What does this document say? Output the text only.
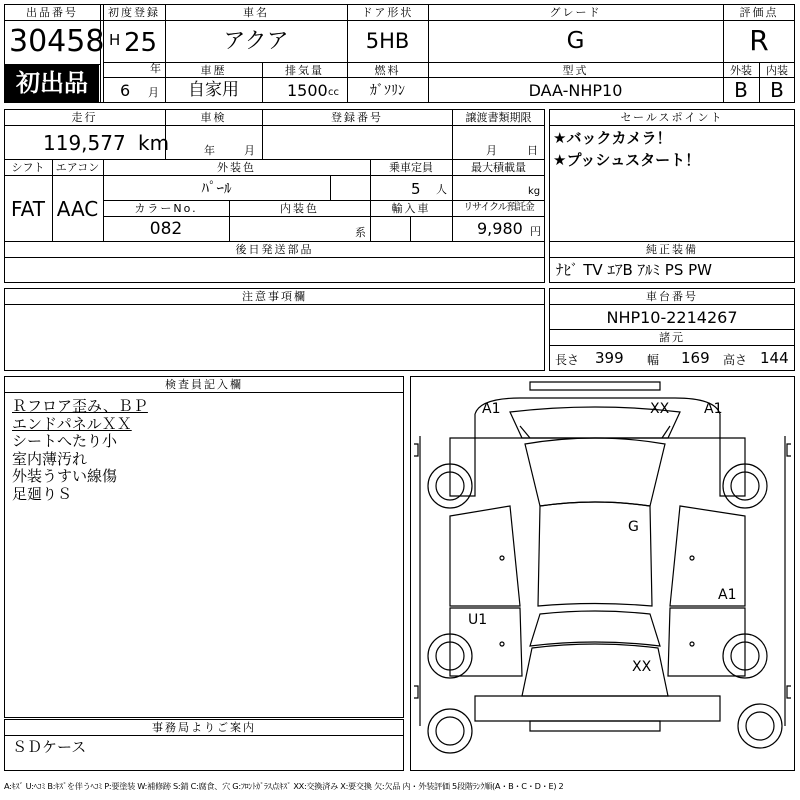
出品番号
30458
初出品
初度登録
H 25
年
6 月
車名
アクア
ドア形状
5HB
グレード
G
評価点
R
外装	内装
B	B
車歴
自家用
排気量
1500 cc
燃料
ｶﾞｿﾘﾝ
型式
DAA-NHP10
走行
119,577 km
車検
年	月
登録番号	譲渡書類期限
月	日
シフト
FAT
エアコン
AAC
外装色
ﾊﾟｰﾙ
乗車定員
5 人
最大積載量
kg
カラーNo.
082
内装色
系
輸入車	リサイクル預託金
9,980 円
後日発送部品
セールスポイント
★バックカメラ！
★プッシュスタート！
純正装備
ﾅﾋﾞ TV ｴｱB ｱﾙﾐ PS PW
注意事項欄	車台番号
NHP10-2214267
諸元
長さ 399 幅 169 高さ 144
検査員記入欄
Ｒフロア歪み、ＢＰ
エンドパネルＸＸ
シートへたり小
室内薄汚れ
外装うすい線傷
足廻りＳ
事務局よりご案内
ＳＤケース
A1	A1
XX
G
A1
U1
XX
A:ｷｽﾞ U:ﾍｺﾐ B:ｷｽﾞを伴うﾍｺﾐ P:要塗装 W:補修跡 S:錆 C:腐食、穴 G:ﾌﾛﾝﾄｶﾞﾗｽ点ｷｽﾞ XX:交換済み X:要交換 欠:欠品 内・外装評価 5段階ﾗﾝｸ順(A・B・C・D・E) 2
